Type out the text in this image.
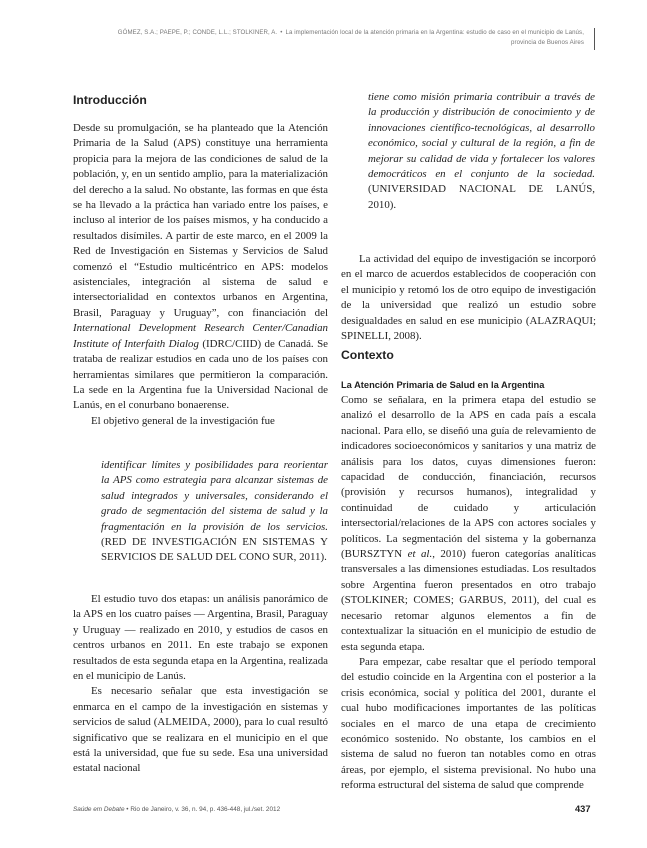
GÓMEZ, S.A.; PAEPE, P.; CONDE, L.L.; STOLKINER, A. • La implementación local de la atención primaria en la Argentina: estudio de caso en el municipio de Lanús,
provincia de Buenos Aires
Introducción

Desde su promulgación, se ha planteado que la Atención Primaria de la Salud (APS) constituye una herramienta propicia para la mejora de las condiciones de salud de la población, y, en un sentido amplio, para la materialización del derecho a la salud. No obstante, las formas en que ésta se ha llevado a la práctica han variado entre los países, e incluso al interior de los países mismos, y ha conducido a resultados disímiles. A partir de este marco, en el 2009 la Red de Investigación en Sistemas y Servicios de Salud comenzó el “Estudio multicéntrico en APS: modelos asistenciales, integración al sistema de salud e intersectorialidad en contextos urbanos en Argentina, Brasil, Paraguay y Uruguay”, con financiación del International Development Research Center/Canadian Institute of Interfaith Dialog (IDRC/CIID) de Canadá. Se trataba de realizar estudios en cada uno de los países con herramientas similares que permitieron la comparación. La sede en la Argentina fue la Universidad Nacional de Lanús, en el conurbano bonaerense.

El objetivo general de la investigación fue

identificar límites y posibilidades para reorientar la APS como estrategia para alcanzar sistemas de salud integrados y universales, considerando el grado de segmentación del sistema de salud y la fragmentación en la provisión de los servicios. (RED DE INVESTIGACIÓN EN SISTEMAS Y SERVICIOS DE SALUD DEL CONO SUR, 2011).

El estudio tuvo dos etapas: un análisis panorámico de la APS en los cuatro países — Argentina, Brasil, Paraguay y Uruguay — realizado en 2010, y estudios de casos en centros urbanos en 2011. En este trabajo se exponen resultados de esta segunda etapa en la Argentina, realizada en el municipio de Lanús.

Es necesario señalar que esta investigación se enmarca en el campo de la investigación en sistemas y servicios de salud (ALMEIDA, 2000), para lo cual resultó significativo que se realizara en el municipio en el que está la universidad, que fue su sede. Esa una universidad estatal nacional

tiene como misión primaria contribuir a través de la producción y distribución de conocimiento y de innovaciones científico-tecnológicas, al desarrollo económico, social y cultural de la región, a fin de mejorar su calidad de vida y fortalecer los valores democráticos en el conjunto de la sociedad. (UNIVERSIDAD NACIONAL DE LANÚS, 2010).

La actividad del equipo de investigación se incorporó en el marco de acuerdos establecidos de cooperación con el municipio y retomó los de otro equipo de investigación de la universidad que realizó un estudio sobre desigualdades en salud en ese municipio (ALAZRAQUI; SPINELLI, 2008).

Contexto
La Atención Primaria de Salud en la Argentina

Como se señalara, en la primera etapa del estudio se analizó el desarrollo de la APS en cada país a escala nacional. Para ello, se diseñó una guía de relevamiento de indicadores socioeconómicos y sanitarios y una matriz de análisis para los datos, cuyas dimensiones fueron: capacidad de conducción, financiación, recursos (provisión y recursos humanos), integralidad y continuidad de cuidado y articulación intersectorial/relaciones de la APS con actores sociales y políticos. La segmentación del sistema y la gobernanza (BURSZTYN et al., 2010) fueron categorías analíticas transversales a las dimensiones estudiadas. Los resultados sobre Argentina fueron presentados en otro trabajo (STOLKINER; COMES; GARBUS, 2011), del cual es necesario retomar algunos elementos a fin de contextualizar la situación en el municipio de estudio de esta segunda etapa.

Para empezar, cabe resaltar que el período temporal del estudio coincide en la Argentina con el posterior a la crisis económica, social y política del 2001, durante el cual hubo modificaciones importantes de las políticas sociales en el marco de una etapa de crecimiento económico sostenido. No obstante, los cambios en el sistema de salud no fueron tan notables como en otras áreas, por ejemplo, el sistema previsional. No hubo una reforma estructural del sistema de salud que comprende

Saúde em Debate • Rio de Janeiro, v. 36, n. 94, p. 436-448, jul./set. 2012	437
